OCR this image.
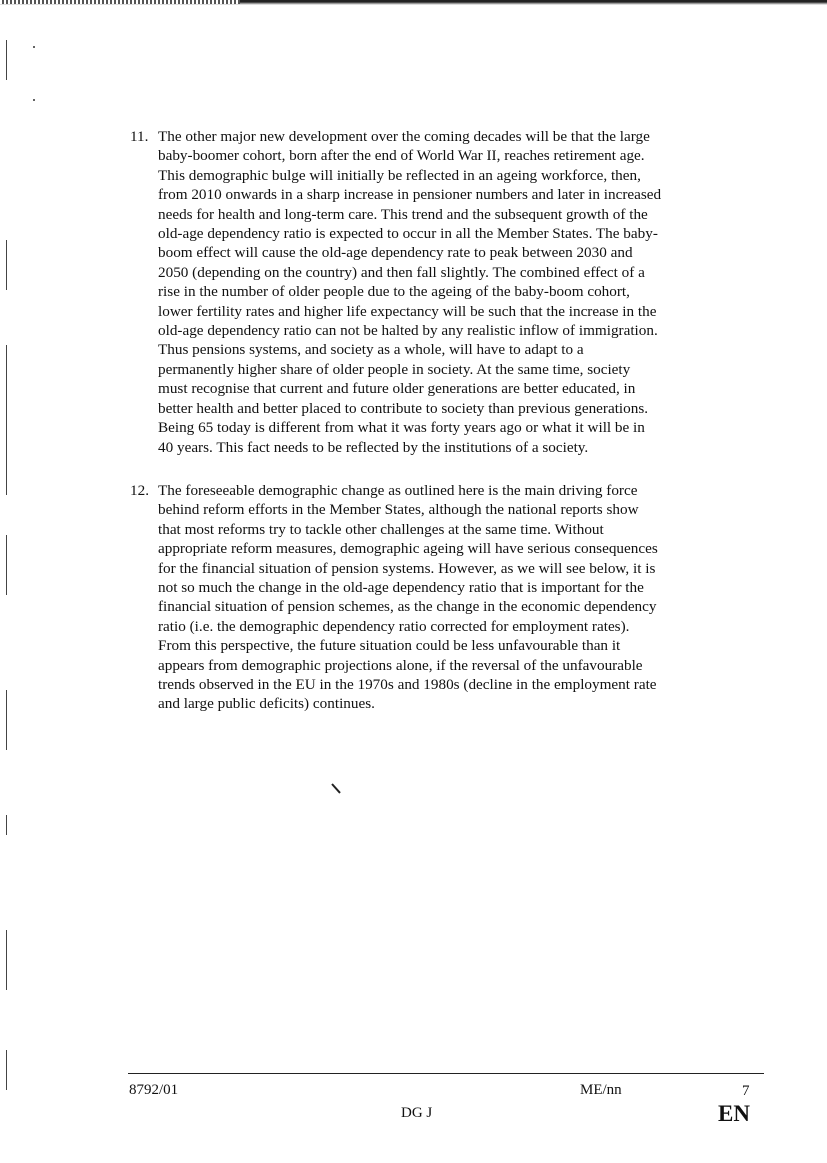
11. The other major new development over the coming decades will be that the large
baby-boomer cohort, born after the end of World War II, reaches retirement age.
This demographic bulge will initially be reflected in an ageing workforce, then,
from 2010 onwards in a sharp increase in pensioner numbers and later in increased
needs for health and long-term care. This trend and the subsequent growth of the
old-age dependency ratio is expected to occur in all the Member States. The baby-
boom effect will cause the old-age dependency rate to peak between 2030 and
2050 (depending on the country) and then fall slightly. The combined effect of a
rise in the number of older people due to the ageing of the baby-boom cohort,
lower fertility rates and higher life expectancy will be such that the increase in the
old-age dependency ratio can not be halted by any realistic inflow of immigration.
Thus pensions systems, and society as a whole, will have to adapt to a
permanently higher share of older people in society. At the same time, society
must recognise that current and future older generations are better educated, in
better health and better placed to contribute to society than previous generations.
Being 65 today is different from what it was forty years ago or what it will be in
40 years. This fact needs to be reflected by the institutions of a society.
12. The foreseeable demographic change as outlined here is the main driving force
behind reform efforts in the Member States, although the national reports show
that most reforms try to tackle other challenges at the same time. Without
appropriate reform measures, demographic ageing will have serious consequences
for the financial situation of pension systems. However, as we will see below, it is
not so much the change in the old-age dependency ratio that is important for the
financial situation of pension schemes, as the change in the economic dependency
ratio (i.e. the demographic dependency ratio corrected for employment rates).
From this perspective, the future situation could be less unfavourable than it
appears from demographic projections alone, if the reversal of the unfavourable
trends observed in the EU in the 1970s and 1980s (decline in the employment rate
and large public deficits) continues.
8792/01	ME/nn	7
DG J	EN
